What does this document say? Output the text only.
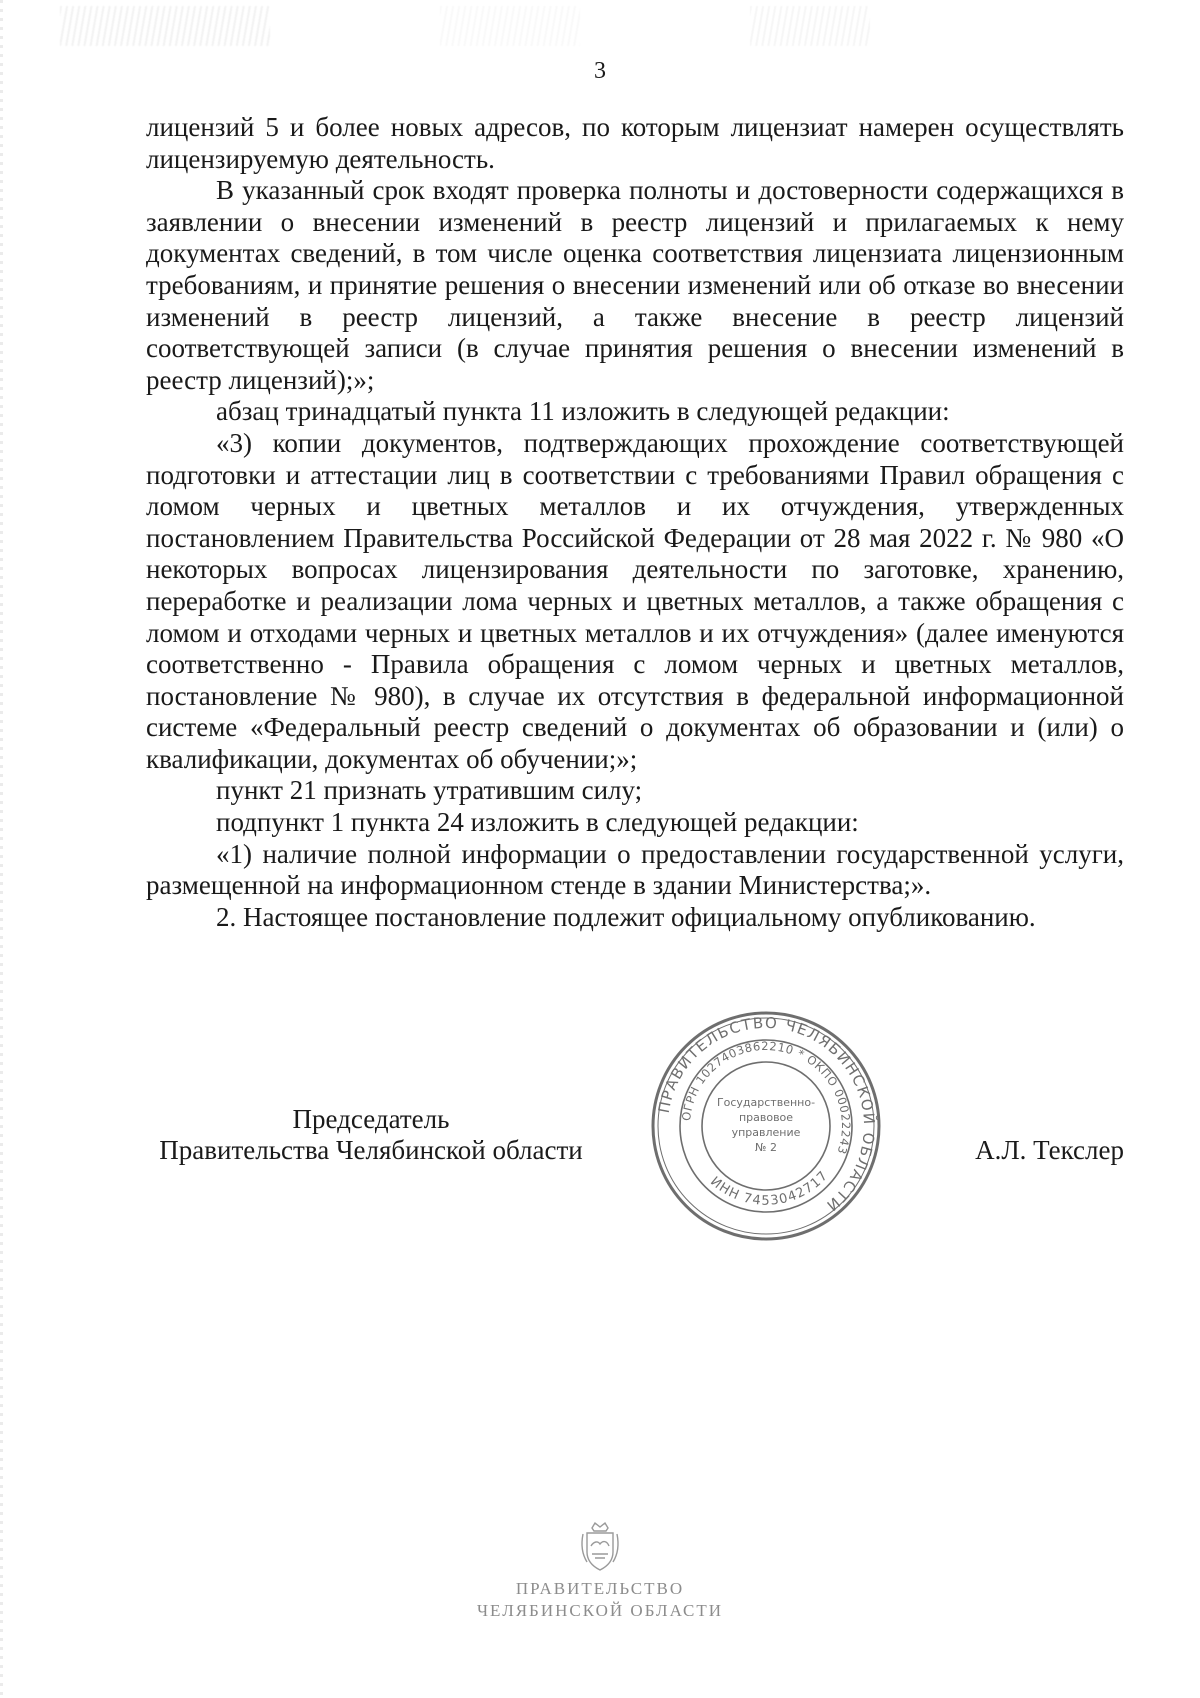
3

лицензий 5 и более новых адресов, по которым лицензиат намерен осуществлять лицензируемую деятельность.

В указанный срок входят проверка полноты и достоверности содержащихся в заявлении о внесении изменений в реестр лицензий и прилагаемых к нему документах сведений, в том числе оценка соответствия лицензиата лицензионным требованиям, и принятие решения о внесении изменений или об отказе во внесении изменений в реестр лицензий, а также внесение в реестр лицензий соответствующей записи (в случае принятия решения о внесении изменений в реестр лицензий);»;

абзац тринадцатый пункта 11 изложить в следующей редакции:

«3) копии документов, подтверждающих прохождение соответствующей подготовки и аттестации лиц в соответствии с требованиями Правил обращения с ломом черных и цветных металлов и их отчуждения, утвержденных постановлением Правительства Российской Федерации от 28 мая 2022 г. № 980 «О некоторых вопросах лицензирования деятельности по заготовке, хранению, переработке и реализации лома черных и цветных металлов, а также обращения с ломом и отходами черных и цветных металлов и их отчуждения» (далее именуются соответственно - Правила обращения с ломом черных и цветных металлов, постановление № 980), в случае их отсутствия в федеральной информационной системе «Федеральный реестр сведений о документах об образовании и (или) о квалификации, документах об обучении;»;

пункт 21 признать утратившим силу;

подпункт 1 пункта 24 изложить в следующей редакции:

«1) наличие полной информации о предоставлении государственной услуги, размещенной на информационном стенде в здании Министерства;».

2. Настоящее постановление подлежит официальному опубликованию.

Председатель
Правительства Челябинской области	А.Л. Текслер
ПРАВИТЕЛЬСТВО ЧЕЛЯБИНСКОЙ ОБЛАСТИ
ОГРН 1027403862210 * ОКПО 00022243
ИНН 7453042717
Государственно-
правовое
управление
№ 2
ПРАВИТЕЛЬСТВО
ЧЕЛЯБИНСКОЙ ОБЛАСТИ
